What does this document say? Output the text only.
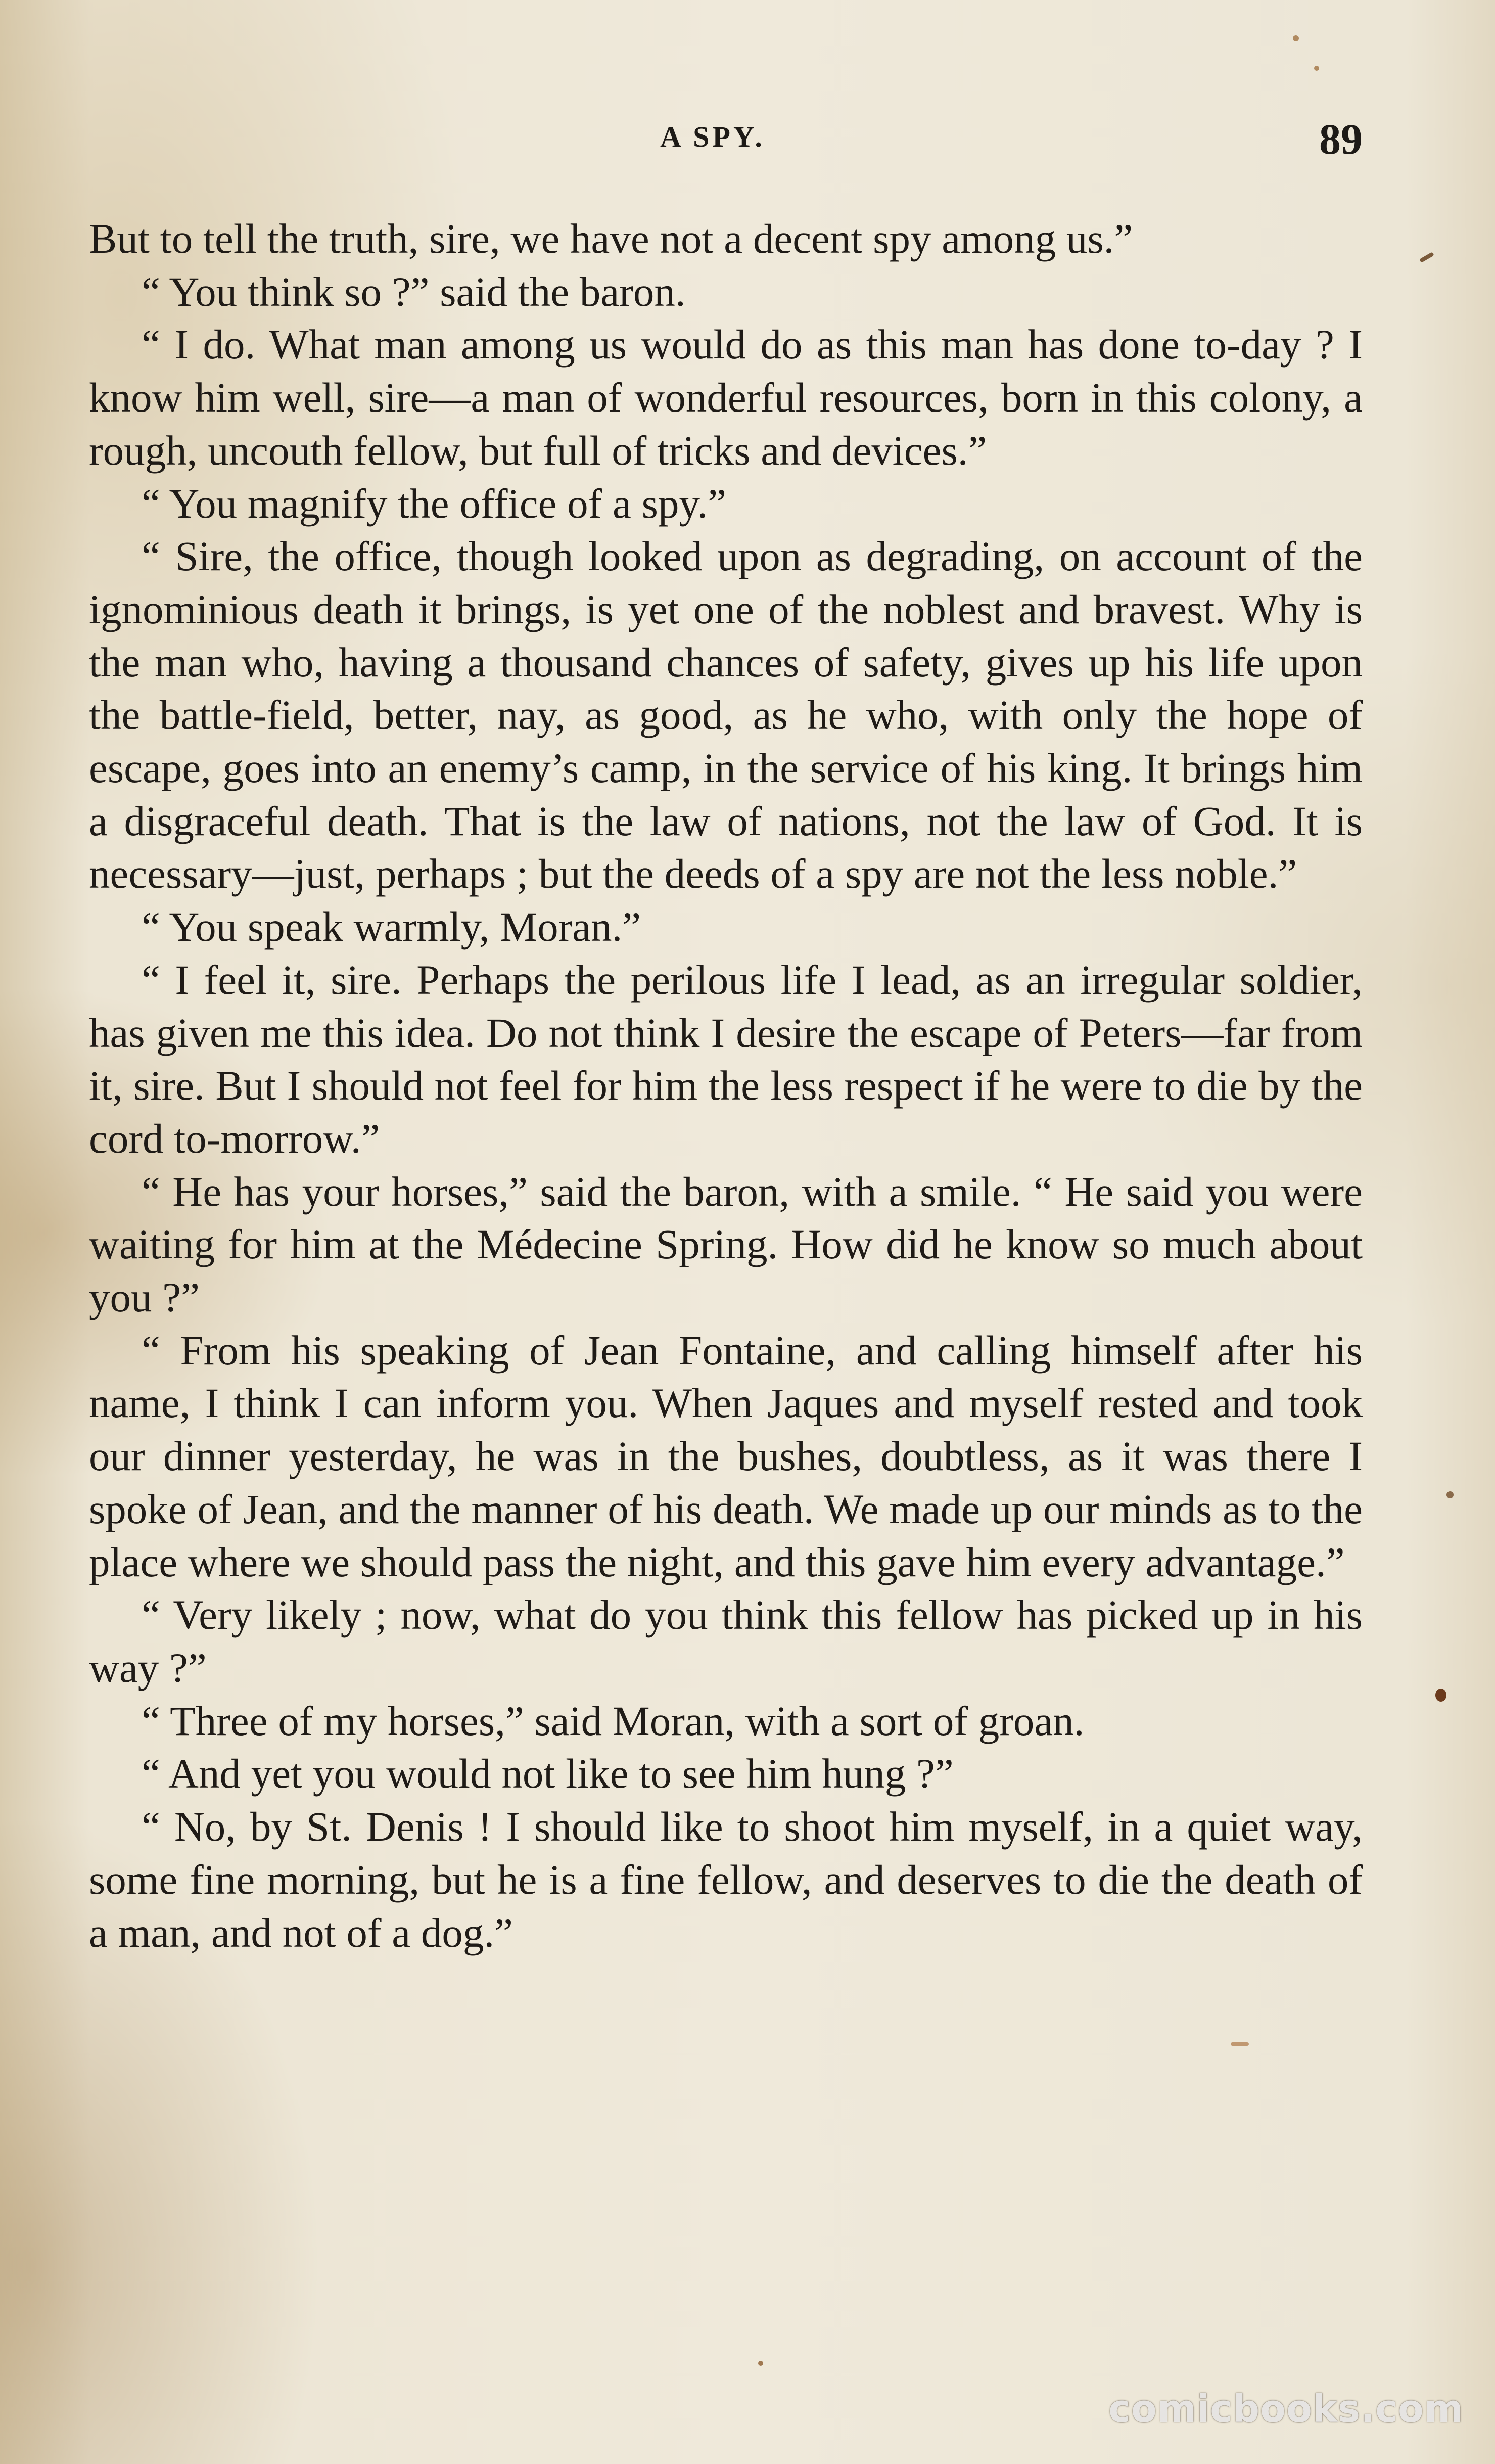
A SPY.	89

But to tell the truth, sire, we have not a decent spy among us.”

“ You think so ?” said the baron.

“ I do. What man among us would do as this man has done to-day ? I know him well, sire—a man of wonderful resources, born in this colony, a rough, uncouth fellow, but full of tricks and devices.”

“ You magnify the office of a spy.”

“ Sire, the office, though looked upon as degrading, on account of the ignominious death it brings, is yet one of the noblest and bravest. Why is the man who, having a thousand chances of safety, gives up his life upon the battle-field, better, nay, as good, as he who, with only the hope of escape, goes into an enemy’s camp, in the service of his king. It brings him a disgraceful death. That is the law of nations, not the law of God. It is necessary—just, perhaps ; but the deeds of a spy are not the less noble.”

“ You speak warmly, Moran.”

“ I feel it, sire. Perhaps the perilous life I lead, as an irregular soldier, has given me this idea. Do not think I desire the escape of Peters—far from it, sire. But I should not feel for him the less respect if he were to die by the cord to-morrow.”

“ He has your horses,” said the baron, with a smile. “ He said you were waiting for him at the Médecine Spring. How did he know so much about you ?”

“ From his speaking of Jean Fontaine, and calling himself after his name, I think I can inform you. When Jaques and myself rested and took our dinner yesterday, he was in the bushes, doubtless, as it was there I spoke of Jean, and the manner of his death. We made up our minds as to the place where we should pass the night, and this gave him every advantage.”

“ Very likely ; now, what do you think this fellow has picked up in his way ?”

“ Three of my horses,” said Moran, with a sort of groan.

“ And yet you would not like to see him hung ?”

“ No, by St. Denis ! I should like to shoot him myself, in a quiet way, some fine morning, but he is a fine fellow, and deserves to die the death of a man, and not of a dog.”

comicbooks.com
